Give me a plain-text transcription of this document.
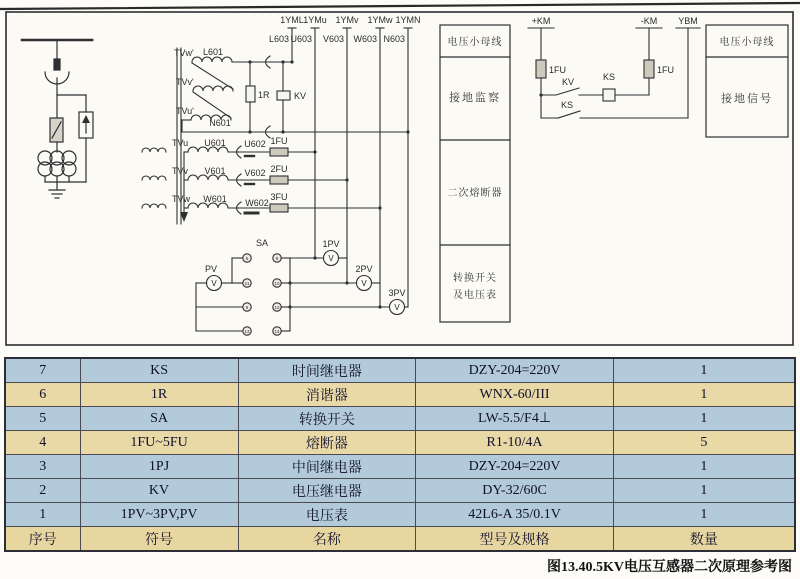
1YML 1YMu 1YMv 1YMw 1YMN
L603 U603 V603 W603 N603
TVw'
TVv'
TVu'
L601
N601
TVu
TVv
TVw
U601 U602
V601 V602
W601 W602
1FU
2FU
3FU
1R	KV
SA
PV
1PV
2PV
3PV
V
V
V
V
5
11
9
13
8
10
12
14
+KM	-KM YBM
1FU	1FU
KV	KS
KS
电压小母线
接地监察
二次熔断器
转换开关
及电压表
电压小母线
接地信号
7	KS	时间继电器	DZY-204=220V	1
6	1R	消谐器	WNX-60/III	1
5	SA	转换开关	LW-5.5/F4⊥	1
4	1FU~5FU	熔断器	R1-10/4A	5
3	1PJ	中间继电器	DZY-204=220V	1
2	KV	电压继电器	DY-32/60C	1
1	1PV~3PV,PV	电压表	42L6-A 35/0.1V	1
序号	符号	名称	型号及规格	数量
图13.40.5KV电压互感器二次原理参考图
